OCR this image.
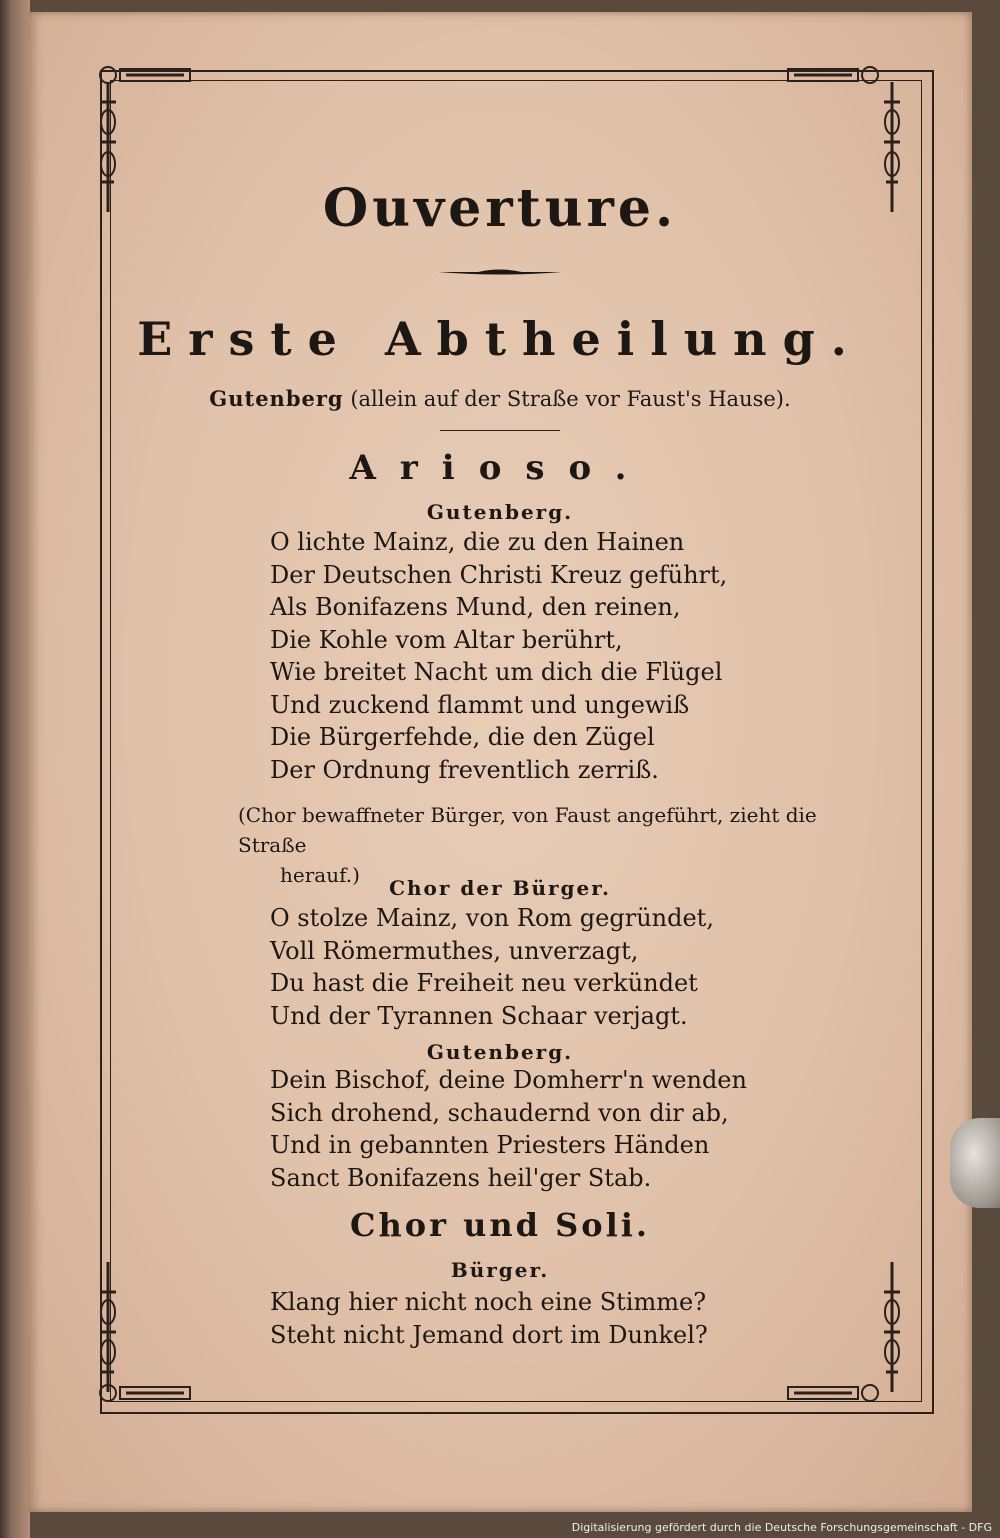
Ouverture.
Erste Abtheilung.
Gutenberg (allein auf der Straße vor Faust's Hause).
Arioso.
Gutenberg.
O lichte Mainz, die zu den Hainen
Der Deutschen Christi Kreuz geführt,
Als Bonifazens Mund, den reinen,
Die Kohle vom Altar berührt,
Wie breitet Nacht um dich die Flügel
Und zuckend flammt und ungewiß
Die Bürgerfehde, die den Zügel
Der Ordnung freventlich zerriß.
(Chor bewaffneter Bürger, von Faust angeführt, zieht die Straße
herauf.)
Chor der Bürger.
O stolze Mainz, von Rom gegründet,
Voll Römermuthes, unverzagt,
Du hast die Freiheit neu verkündet
Und der Tyrannen Schaar verjagt.
Gutenberg.
Dein Bischof, deine Domherr'n wenden
Sich drohend, schaudernd von dir ab,
Und in gebannten Priesters Händen
Sanct Bonifazens heil'ger Stab.
Chor und Soli.
Bürger.
Klang hier nicht noch eine Stimme?
Steht nicht Jemand dort im Dunkel?
Digitalisierung gefördert durch die Deutsche Forschungsgemeinschaft - DFG
